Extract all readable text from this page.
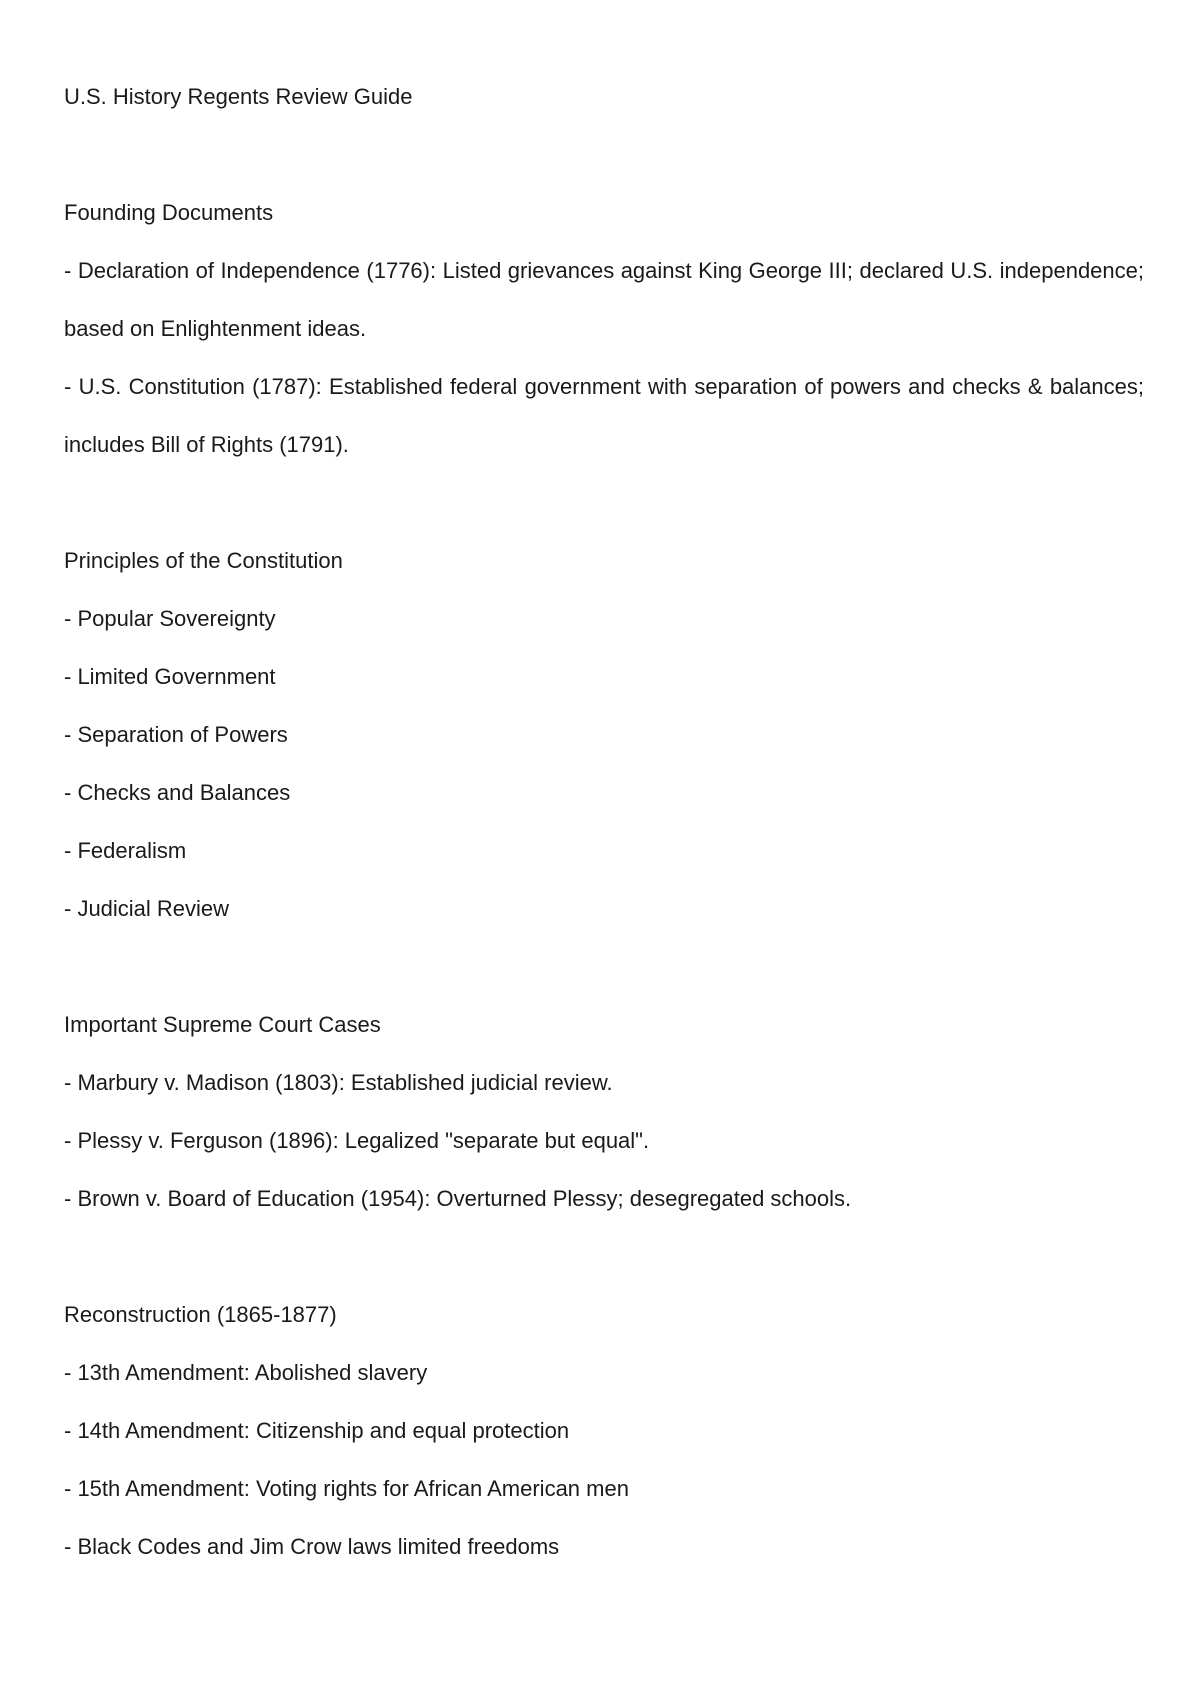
U.S. History Regents Review Guide
Founding Documents
- Declaration of Independence (1776): Listed grievances against King George III; declared U.S. independence; based on Enlightenment ideas.
- U.S. Constitution (1787): Established federal government with separation of powers and checks & balances; includes Bill of Rights (1791).
Principles of the Constitution
- Popular Sovereignty
- Limited Government
- Separation of Powers
- Checks and Balances
- Federalism
- Judicial Review
Important Supreme Court Cases
- Marbury v. Madison (1803): Established judicial review.
- Plessy v. Ferguson (1896): Legalized "separate but equal".
- Brown v. Board of Education (1954): Overturned Plessy; desegregated schools.
Reconstruction (1865-1877)
- 13th Amendment: Abolished slavery
- 14th Amendment: Citizenship and equal protection
- 15th Amendment: Voting rights for African American men
- Black Codes and Jim Crow laws limited freedoms
